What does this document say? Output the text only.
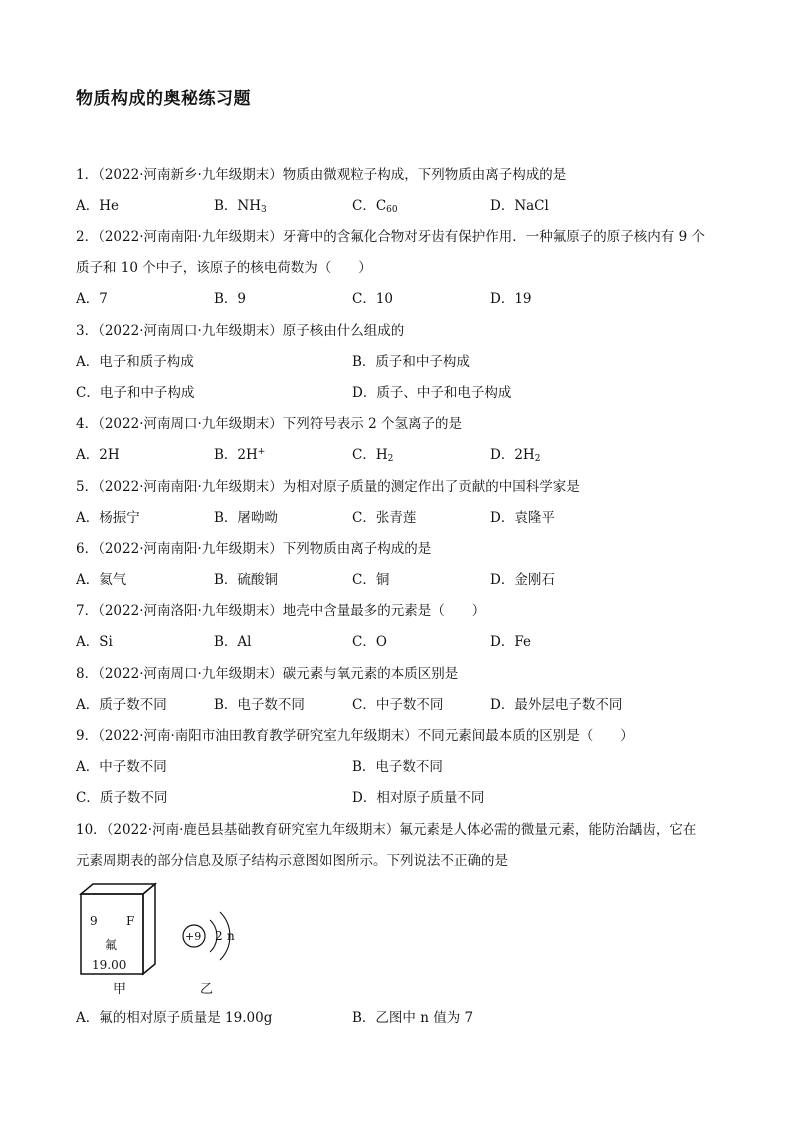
物质构成的奥秘练习题
1．（2022·河南新乡·九年级期末）物质由微观粒子构成，下列物质由离子构成的是
A．He	B．$NH_3$	C．$C_{60}$	D．NaCl
2．（2022·河南南阳·九年级期末）牙膏中的含氟化合物对牙齿有保护作用．一种氟原子的原子核内有 9 个
质子和 10 个中子，该原子的核电荷数为（　　）
A．7	B．9	C．10	D．19
3．（2022·河南周口·九年级期末）原子核由什么组成的
A．电子和质子构成	B．质子和中子构成
C．电子和中子构成	D．质子、中子和电子构成
4．（2022·河南周口·九年级期末）下列符号表示 2 个氢离子的是
A．2H	B．2H+	C．$H_2$	D．$2H_2$
5．（2022·河南南阳·九年级期末）为相对原子质量的测定作出了贡献的中国科学家是
A．杨振宁	B．屠呦呦	C．张青莲	D．袁隆平
6．（2022·河南南阳·九年级期末）下列物质由离子构成的是
A．氦气	B．硫酸铜	C．铜	D．金刚石
7．（2022·河南洛阳·九年级期末）地壳中含量最多的元素是（　　）
A．Si	B．Al	C．O	D．Fe
8．（2022·河南周口·九年级期末）碳元素与氧元素的本质区别是
A．质子数不同	B．电子数不同	C．中子数不同	D．最外层电子数不同
9．（2022·河南·南阳市油田教育教学研究室九年级期末）不同元素间最本质的区别是（　　）
A．中子数不同	B．电子数不同
C．质子数不同	D．相对原子质量不同
10．（2022·河南·鹿邑县基础教育研究室九年级期末）氟元素是人体必需的微量元素，能防治龋齿，它在
元素周期表的部分信息及原子结构示意图如图所示。下列说法不正确的是
9 F
氟
19.00
甲
+9 2 n
乙
A．氟的相对原子质量是 19.00g	B．乙图中 n 值为 7
